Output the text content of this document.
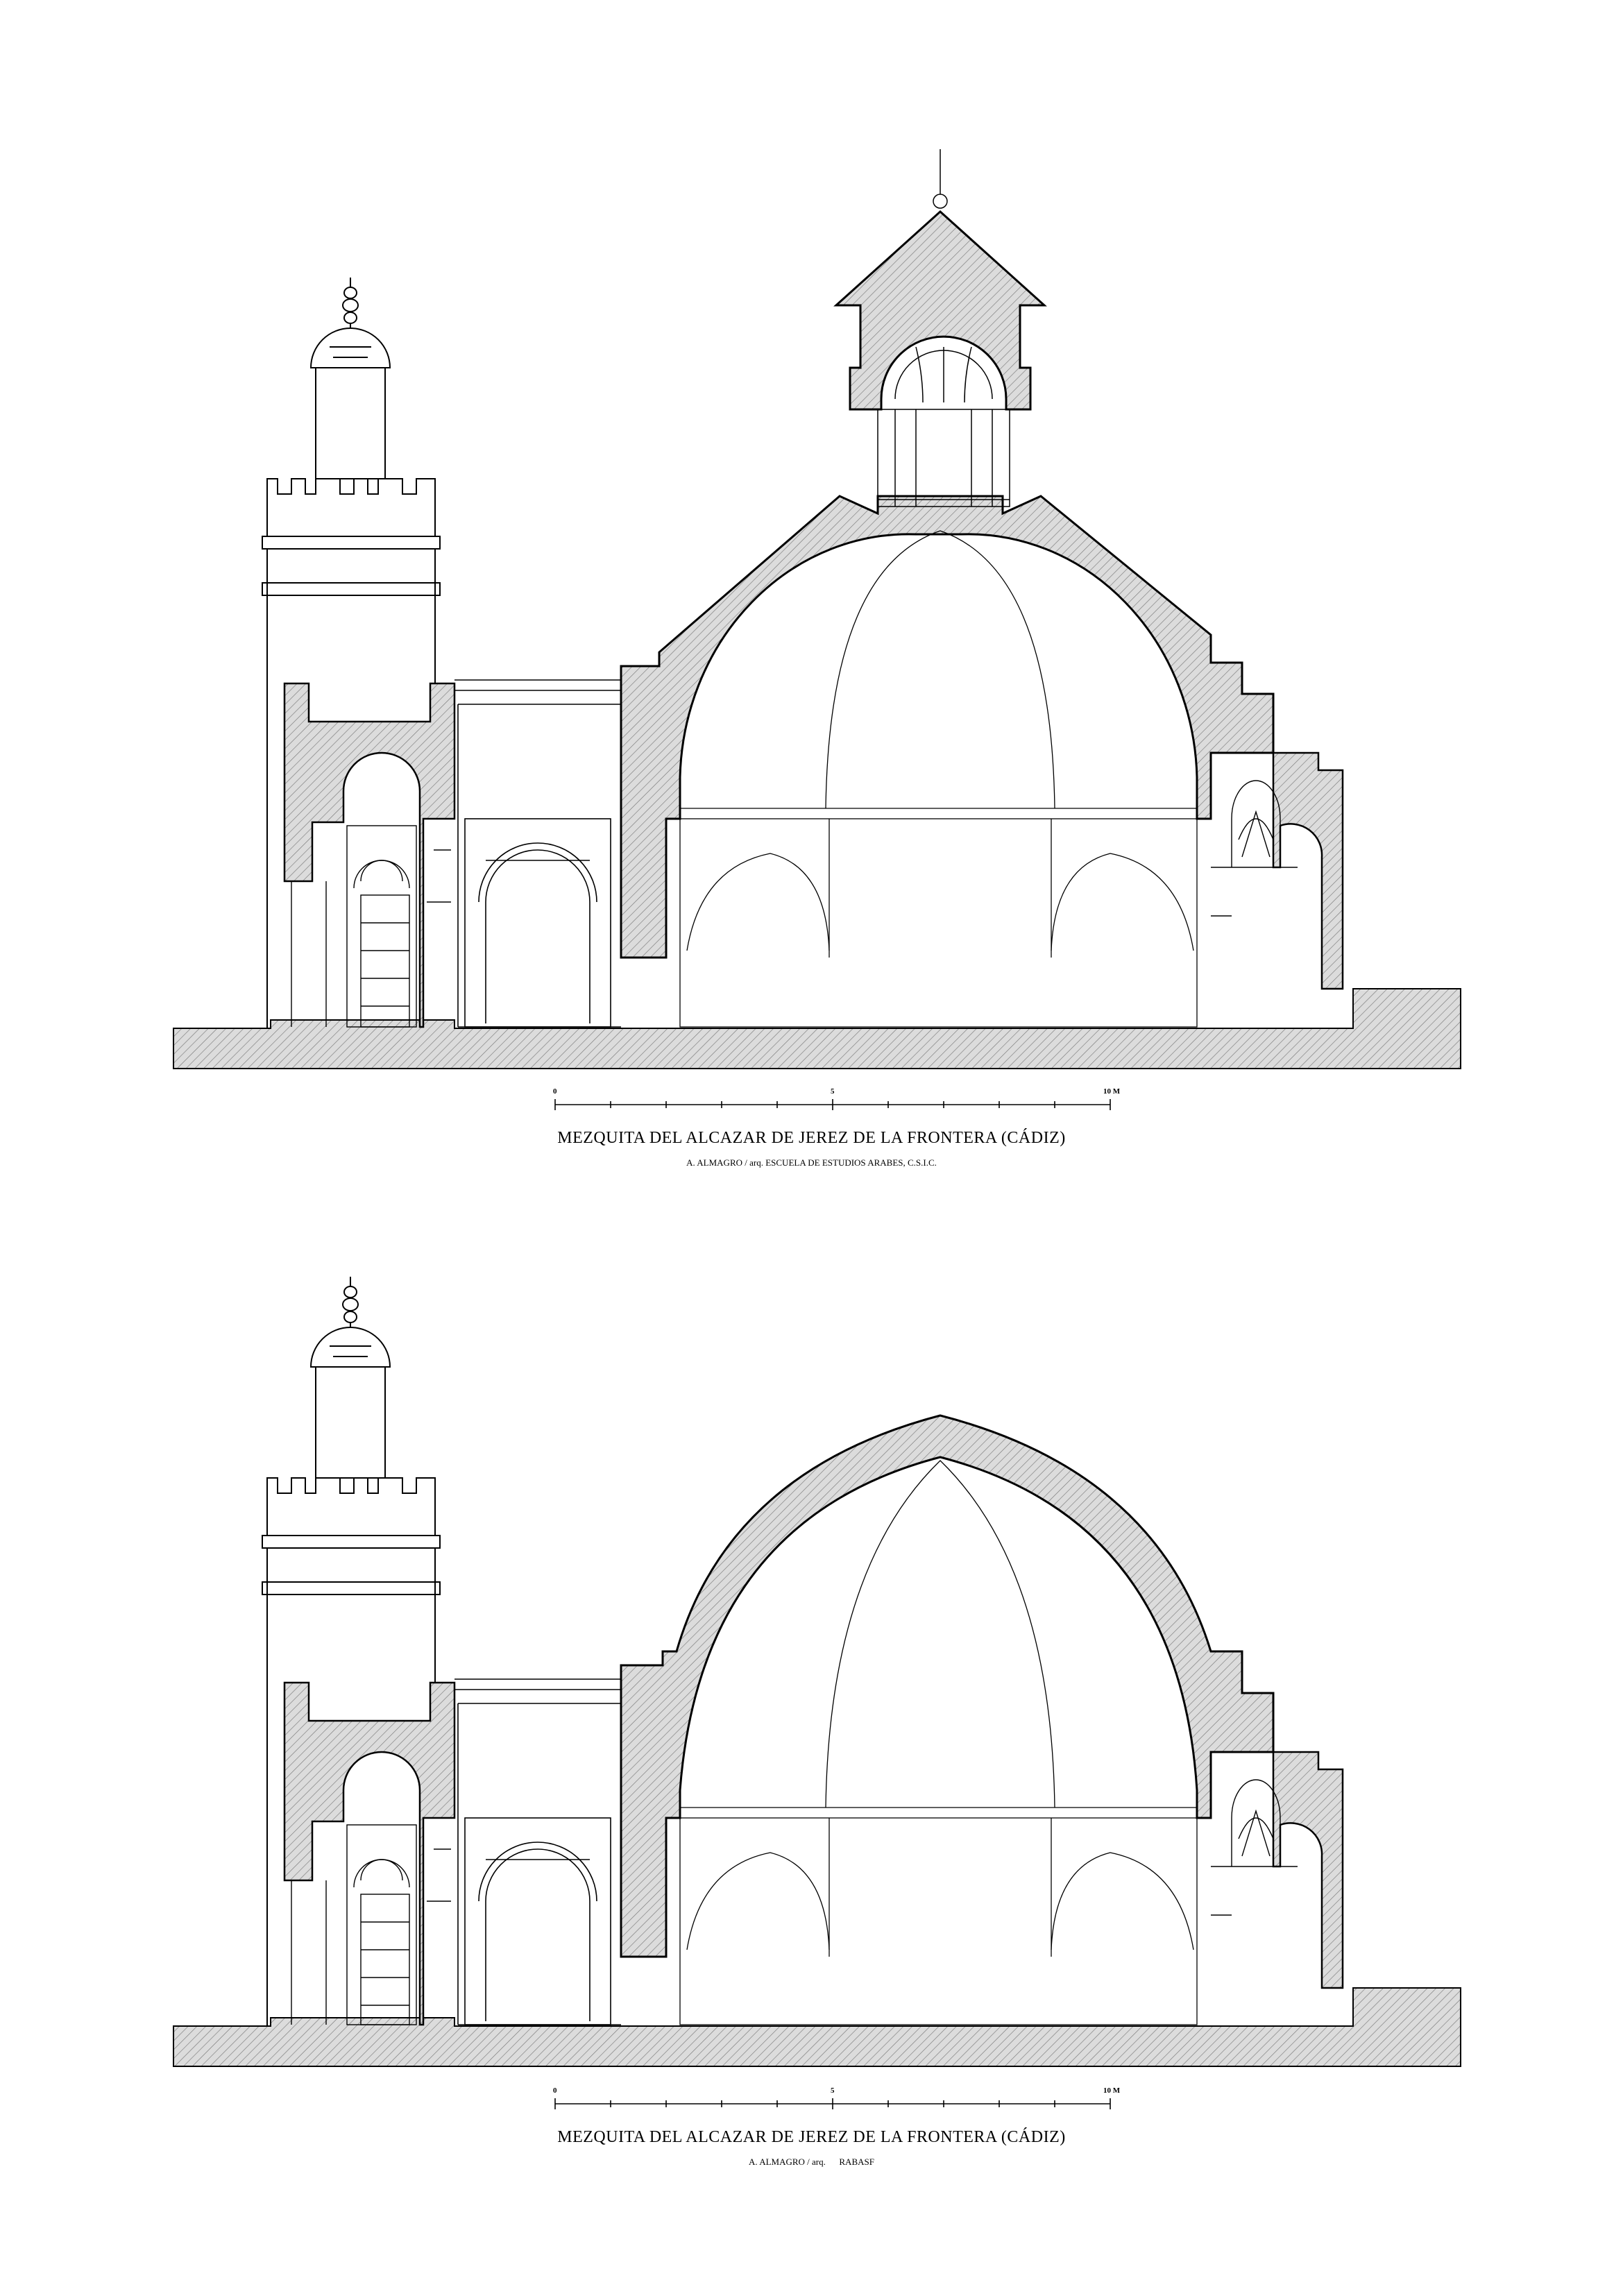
0	5	10 M
MEZQUITA DEL ALCAZAR DE JEREZ DE LA FRONTERA (CÁDIZ)
A. ALMAGRO / arq. ESCUELA DE ESTUDIOS ARABES, C.S.I.C.
0	5	10 M
MEZQUITA DEL ALCAZAR DE JEREZ DE LA FRONTERA (CÁDIZ)
A. ALMAGRO / arq.      RABASF
